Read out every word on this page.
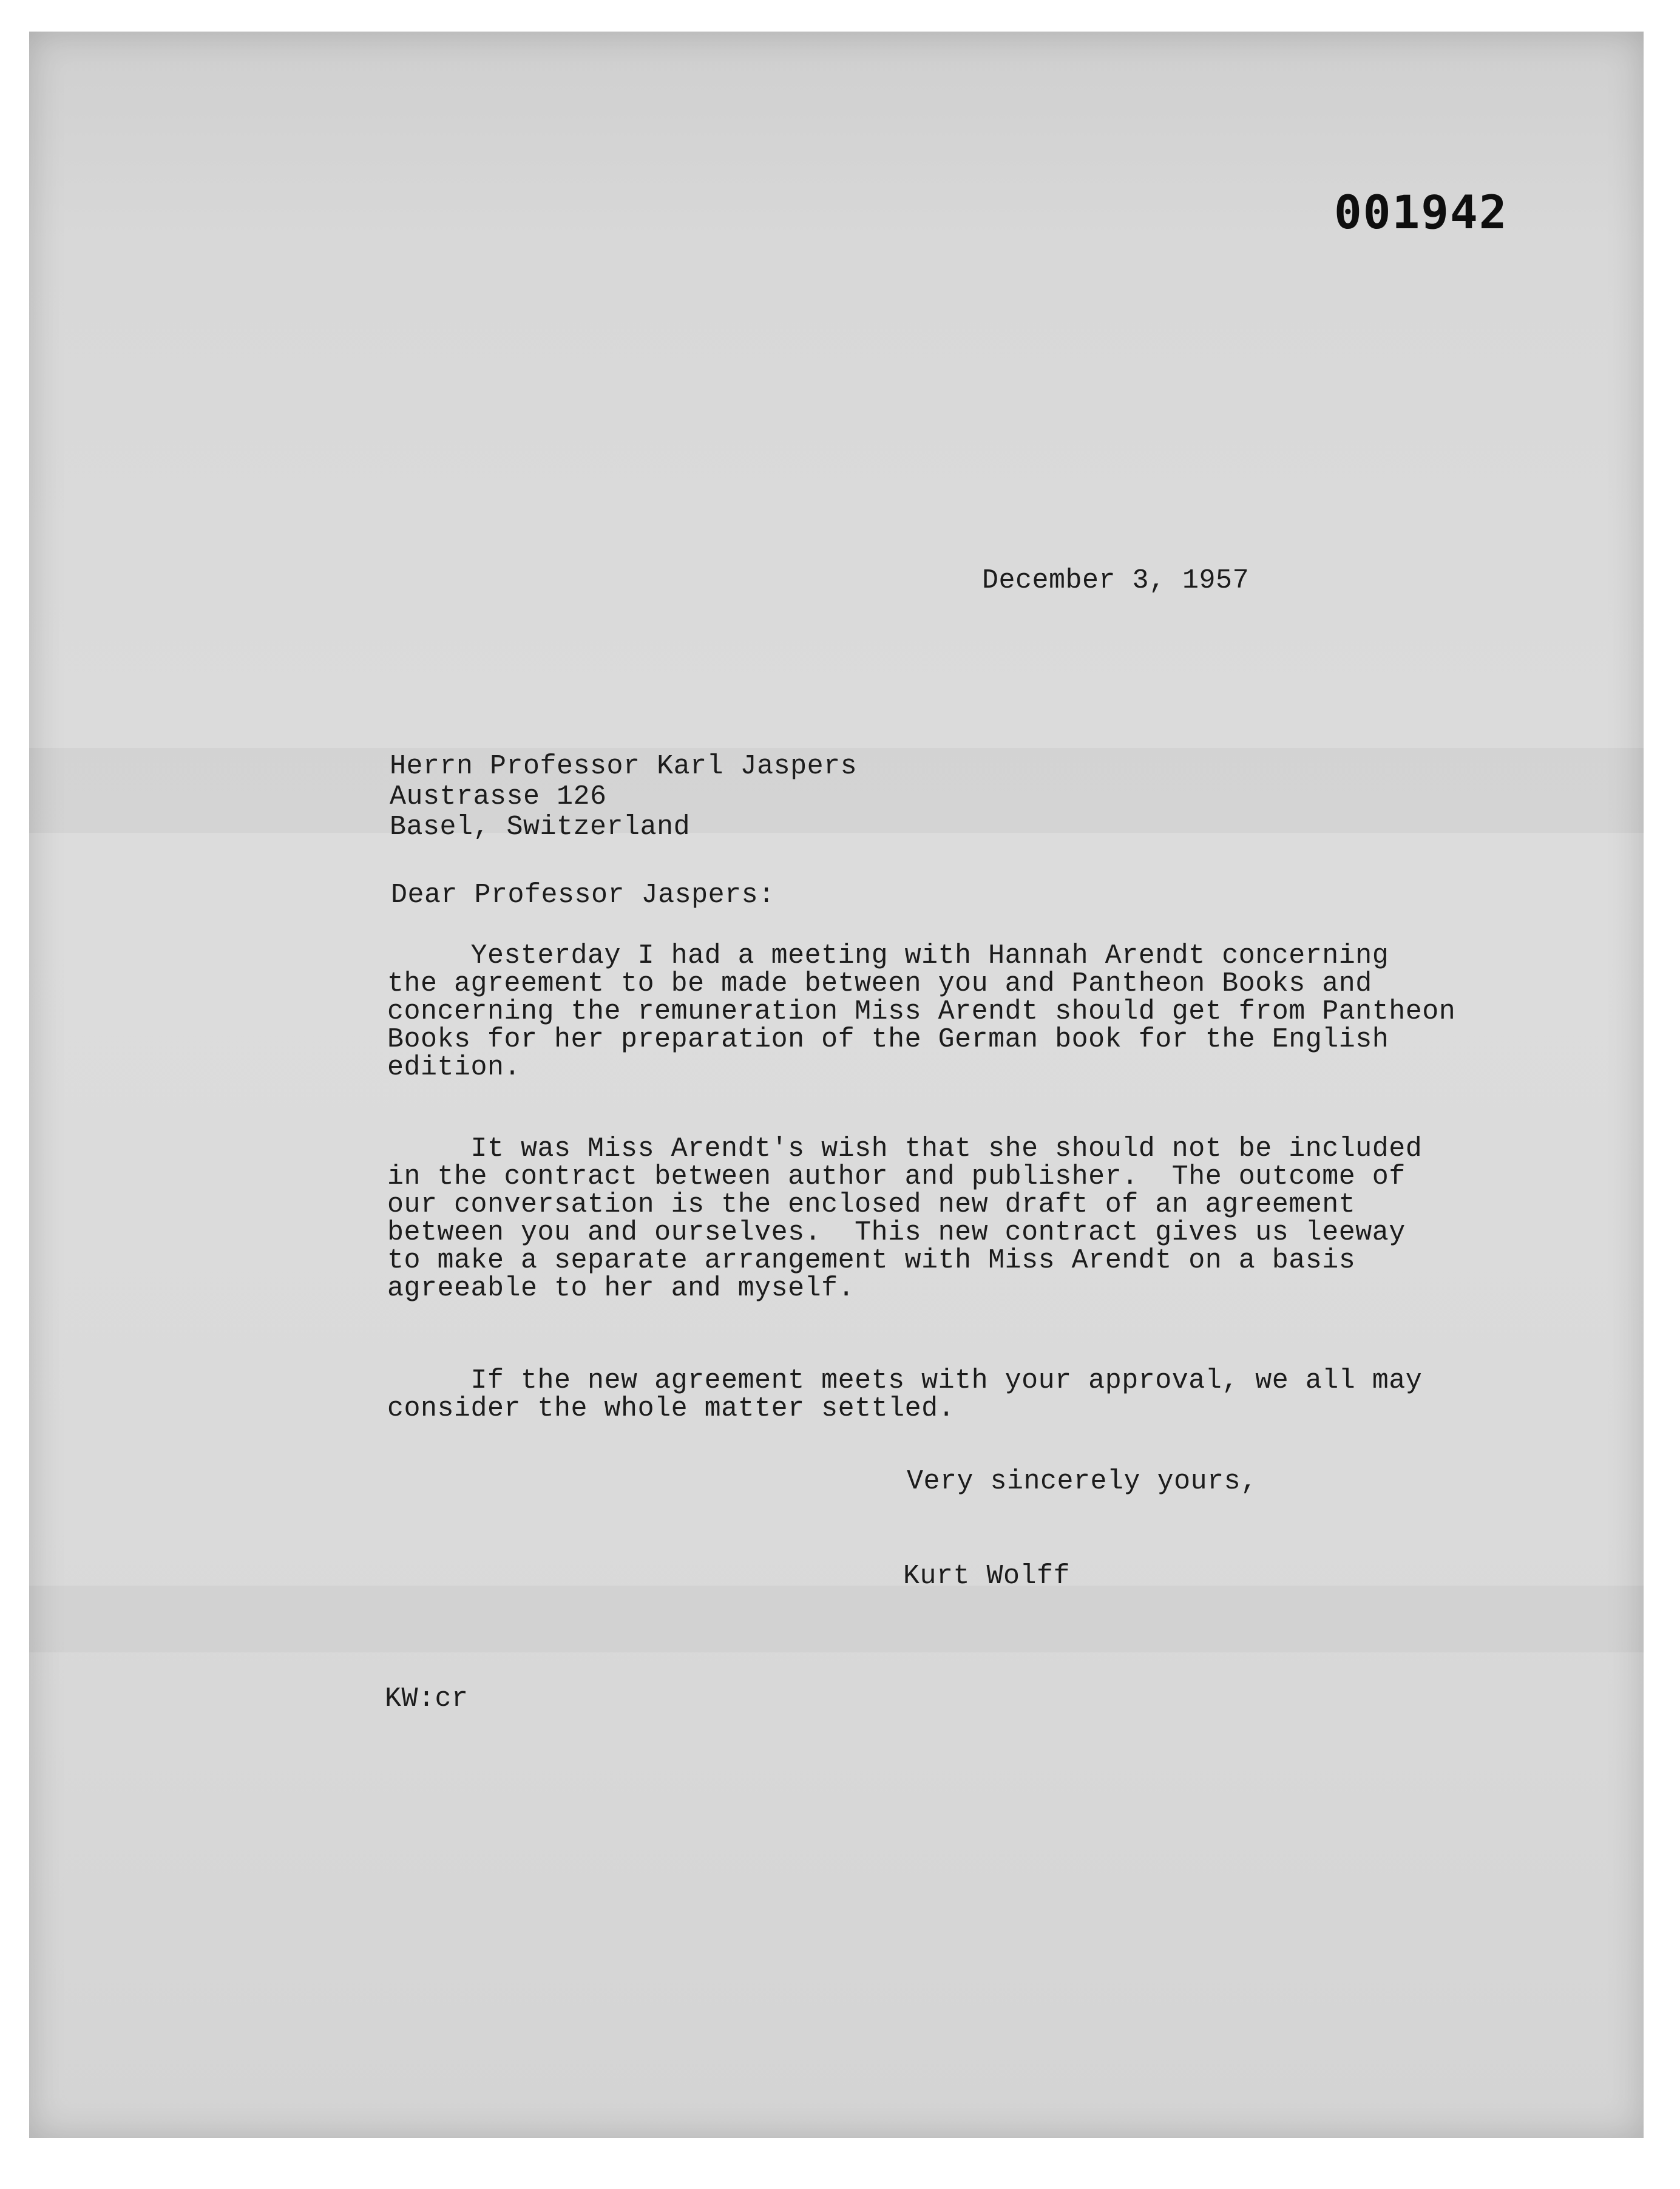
001942

December 3, 1957

Herrn Professor Karl Jaspers

Austrasse 126

Basel, Switzerland

Dear Professor Jaspers:

Yesterday I had a meeting with Hannah Arendt concerning

the agreement to be made between you and Pantheon Books and

concerning the remuneration Miss Arendt should get from Pantheon

Books for her preparation of the German book for the English

edition.

It was Miss Arendt's wish that she should not be included

in the contract between author and publisher.  The outcome of

our conversation is the enclosed new draft of an agreement

between you and ourselves.  This new contract gives us leeway

to make a separate arrangement with Miss Arendt on a basis

agreeable to her and myself.

If the new agreement meets with your approval, we all may

consider the whole matter settled.

Very sincerely yours,

Kurt Wolff

KW:cr
